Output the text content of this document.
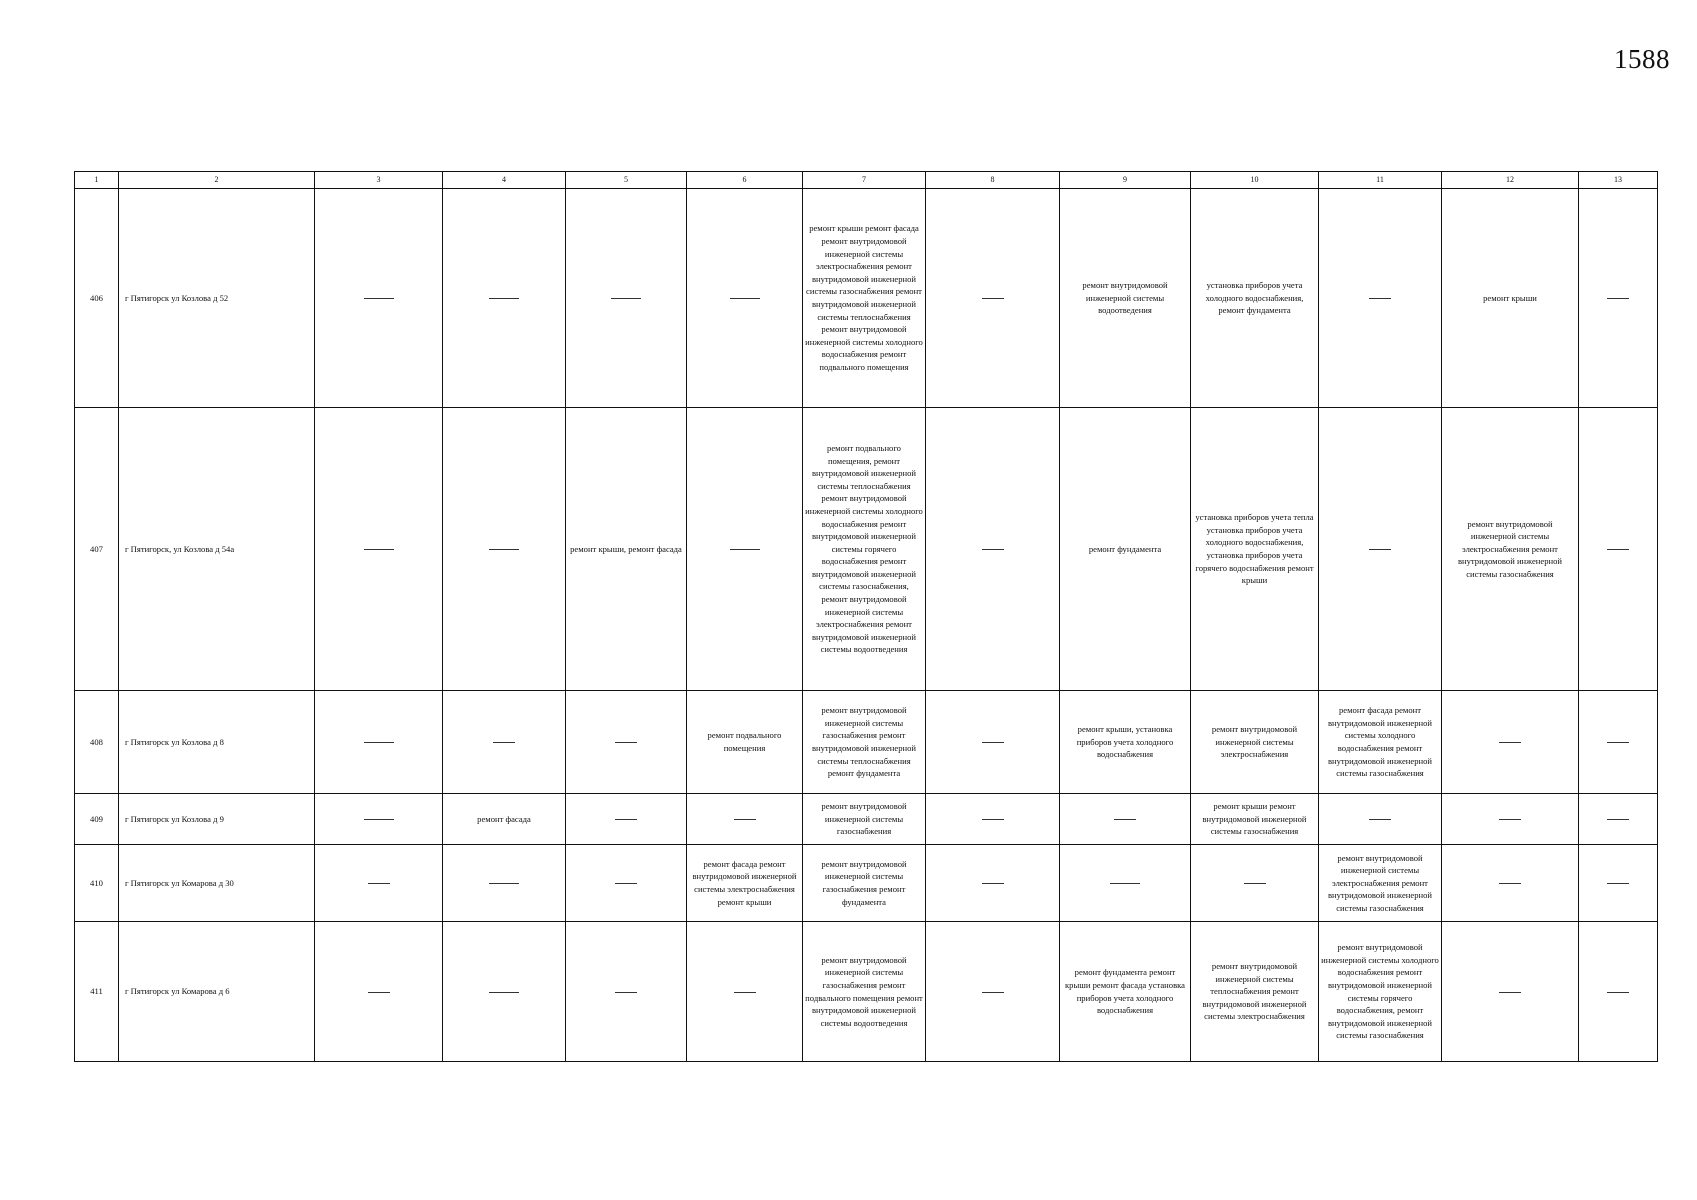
1588
1	2	3	4	5	6	7	8	9	10	11	12	13
406	г Пятигорск ул Козлова д 52					ремонт крыши ремонт фасада ремонт внутридомовой инженерной системы электроснабжения ремонт внутридомовой инженерной системы газоснабжения ремонт внутридомовой инженерной системы теплоснабжения ремонт внутридомовой инженерной системы холодного водоснабжения ремонт подвального помещения		ремонт внутридомовой инженерной системы водоотведения	установка приборов учета холодного водоснабжения, ремонт фундамента		ремонт крыши	
407	г Пятигорск, ул Козлова д 54а			ремонт крыши, ремонт фасада		ремонт подвального помещения, ремонт внутридомовой инженерной системы теплоснабжения ремонт внутридомовой инженерной системы холодного водоснабжения ремонт внутридомовой инженерной системы горячего водоснабжения ремонт внутридомовой инженерной системы газоснабжения, ремонт внутридомовой инженерной системы электроснабжения ремонт внутридомовой инженерной системы водоотведения		ремонт фундамента	установка приборов учета тепла установка приборов учета холодного водоснабжения, установка приборов учета горячего водоснабжения ремонт крыши		ремонт внутридомовой инженерной системы электроснабжения ремонт внутридомовой инженерной системы газоснабжения	
408	г Пятигорск ул Козлова д 8				ремонт подвального помещения	ремонт внутридомовой инженерной системы газоснабжения ремонт внутридомовой инженерной системы теплоснабжения ремонт фундамента		ремонт крыши, установка приборов учета холодного водоснабжения	ремонт внутридомовой инженерной системы электроснабжения	ремонт фасада ремонт внутридомовой инженерной системы холодного водоснабжения ремонт внутридомовой инженерной системы газоснабжения		
409	г Пятигорск ул Козлова д 9		ремонт фасада			ремонт внутридомовой инженерной системы газоснабжения			ремонт крыши ремонт внутридомовой инженерной системы газоснабжения			
410	г Пятигорск ул Комарова д 30				ремонт фасада ремонт внутридомовой инженерной системы электроснабжения ремонт крыши	ремонт внутридомовой инженерной системы газоснабжения ремонт фундамента				ремонт внутридомовой инженерной системы электроснабжения ремонт внутридомовой инженерной системы газоснабжения		
411	г Пятигорск ул Комарова д 6					ремонт внутридомовой инженерной системы газоснабжения ремонт подвального помещения ремонт внутридомовой инженерной системы водоотведения		ремонт фундамента ремонт крыши ремонт фасада установка приборов учета холодного водоснабжения	ремонт внутридомовой инженерной системы теплоснабжения ремонт внутридомовой инженерной системы электроснабжения	ремонт внутридомовой инженерной системы холодного водоснабжения ремонт внутридомовой инженерной системы горячего водоснабжения, ремонт внутридомовой инженерной системы газоснабжения		
